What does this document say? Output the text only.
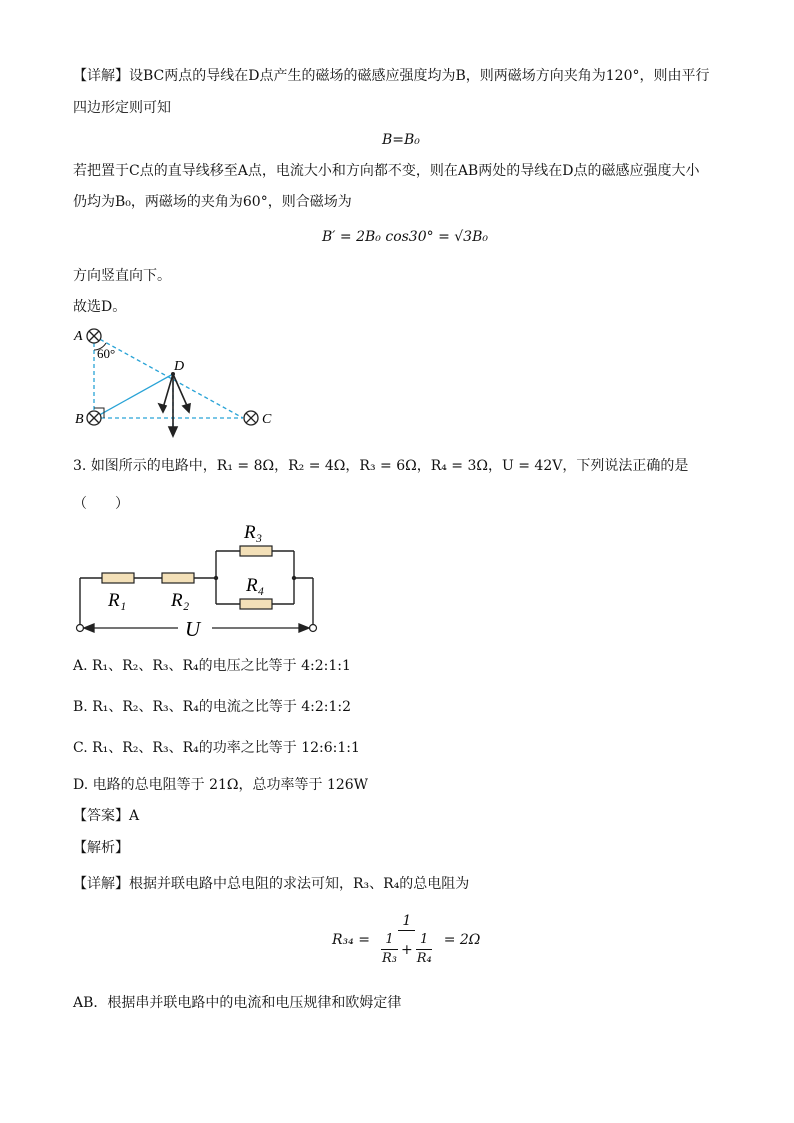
【详解】设BC两点的导线在D点产生的磁场的磁感应强度均为B，则两磁场方向夹角为120°，则由平行
四边形定则可知
B=B₀
若把置于C点的直导线移至A点，电流大小和方向都不变，则在AB两处的导线在D点的磁感应强度大小
仍均为B₀，两磁场的夹角为60°，则合磁场为
B′ = 2B₀ cos30° = √3B₀
方向竖直向下。
故选D。
A
B	C
D
60°
3. 如图所示的电路中，R₁ = 8Ω，R₂ = 4Ω，R₃ = 6Ω，R₄ = 3Ω，U = 42V，下列说法正确的是
（　　）
R₁ R₂
R₃
R₄
U
A. R₁、R₂、R₃、R₄的电压之比等于 4:2:1:1
B. R₁、R₂、R₃、R₄的电流之比等于 4:2:1:2
C. R₁、R₂、R₃、R₄的功率之比等于 12:6:1:1
D. 电路的总电阻等于 21Ω，总功率等于 126W
【答案】A
【解析】
【详解】根据并联电路中总电阻的求法可知，R₃、R₄的总电阻为
$R_{34} = \frac{1}{\frac{1}{\text{R₃}} + \frac{1}{\text{R₄}}} = 2\Omega$
AB．根据串并联电路中的电流和电压规律和欧姆定律
